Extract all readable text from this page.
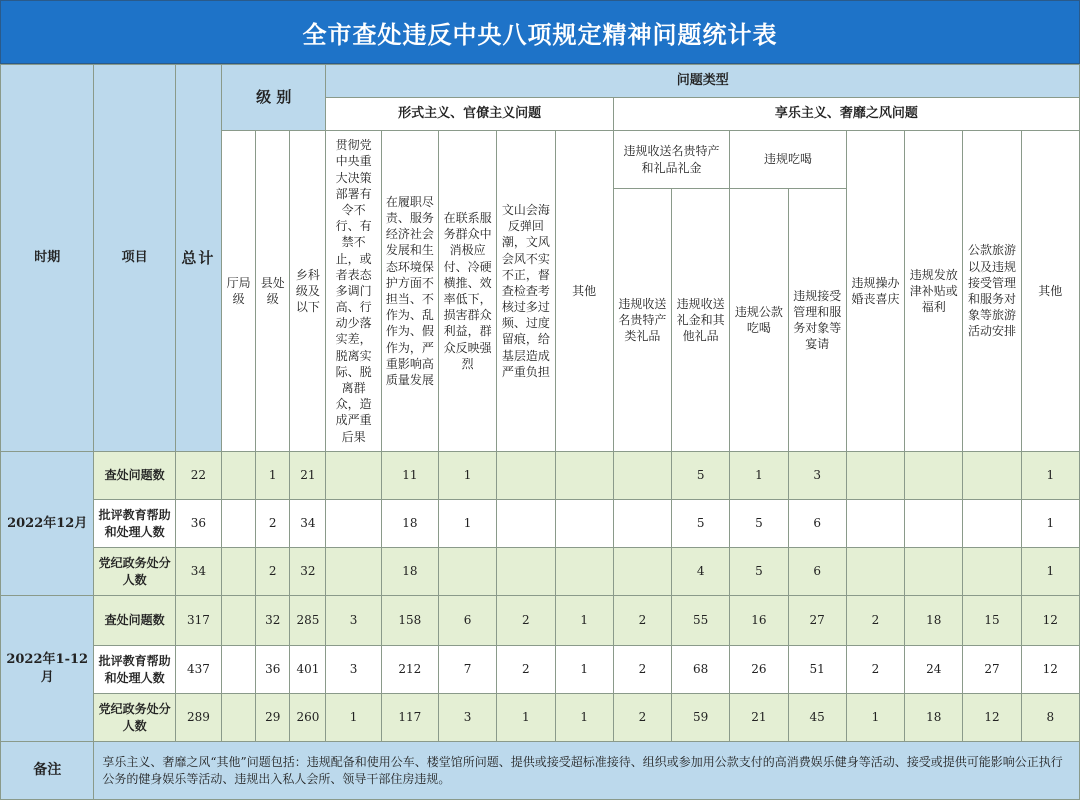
全市查处违反中央八项规定精神问题统计表
时期	项目	总计	级 别			问题类型												
						形式主义、官僚主义问题					享乐主义、奢靡之风问题							
			厅局级	县处级	乡科级及以下	贯彻党中央重大决策部署有令不行、有禁不止，或者表态多调门高、行动少落实差，脱离实际、脱离群众，造成严重后果	在履职尽责、服务经济社会发展和生态环境保护方面不担当、不作为、乱作为、假作为，严重影响高质量发展	在联系服务群众中消极应付、冷硬横推、效率低下，损害群众利益，群众反映强烈	文山会海反弹回潮，文风会风不实不正，督查检查考核过多过频、过度留痕，给基层造成严重负担	其他	违规收送名贵特产和礼品礼金		违规吃喝		违规操办婚丧喜庆	违规发放津补贴或福利	公款旅游以及违规接受管理和服务对象等旅游活动安排	其他
											违规收送名贵特产类礼品	违规收送礼金和其他礼品	违规公款吃喝	违规接受管理和服务对象等宴请				
2022年12月	查处问题数	22		1	21		11	1				5	1	3				1
	批评教育帮助和处理人数	36		2	34		18	1				5	5	6				1
	党纪政务处分人数	34		2	32		18					4	5	6				1
2022年1-12月	查处问题数	317		32	285	3	158	6	2	1	2	55	16	27	2	18	15	12
	批评教育帮助和处理人数	437		36	401	3	212	7	2	1	2	68	26	51	2	24	27	12
	党纪政务处分人数	289		29	260	1	117	3	1	1	2	59	21	45	1	18	12	8
备注	享乐主义、奢靡之风“其他”问题包括：违规配备和使用公车、楼堂馆所问题、提供或接受超标准接待、组织或参加用公款支付的高消费娱乐健身等活动、接受或提供可能影响公正执行公务的健身娱乐等活动、违规出入私人会所、领导干部住房违规。																	
